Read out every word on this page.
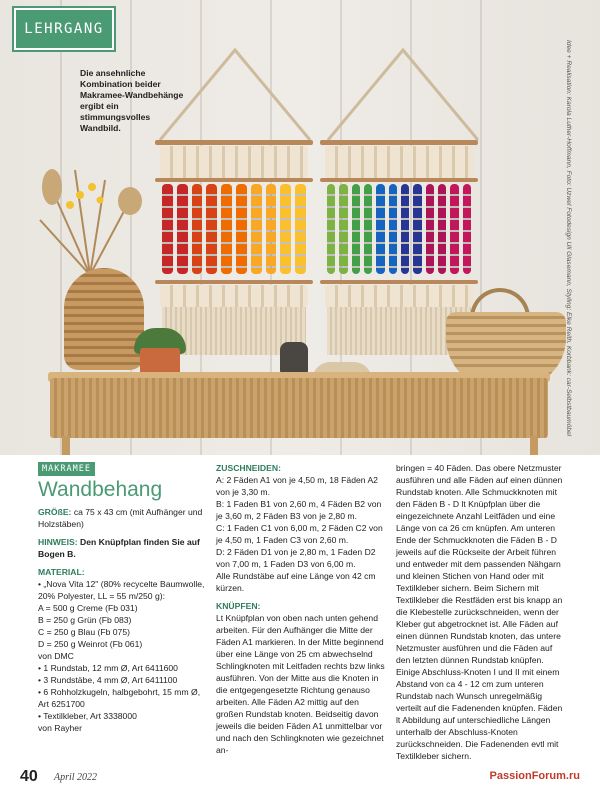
LEHRGANG
Die ansehnliche Kombination beider Makramee-Wandbehänge ergibt ein stimmungsvolles Wandbild.	Idee + Realisation: Karola Luther-Hoffmann, Foto: Uzwel Fotodesign Uli Glasemann, Styling: Elke Reith, Korbbank: car-Selbstbaumöbel
MAKRAMEE
Wandbehang
GRÖßE: ca 75 x 43 cm (mit Aufhänger und Holzstäben)
HINWEIS: Den Knüpfplan finden Sie auf Bogen B.
MATERIAL:
• „Nova Vita 12" (80% recycelte Baumwolle, 20% Polyester, LL = 55 m/250 g):
A = 500 g Creme (Fb 031)
B = 250 g Grün (Fb 083)
C = 250 g Blau (Fb 075)
D = 250 g Weinrot (Fb 061)
von DMC
• 1 Rundstab, 12 mm Ø, Art 6411600
• 3 Rundstäbe, 4 mm Ø, Art 6411100
• 6 Rohholzkugeln, halbgebohrt, 15 mm Ø, Art 6251700
• Textilkleber, Art 3338000
von Rayher
ZUSCHNEIDEN:
A: 2 Fäden A1 von je 4,50 m, 18 Fäden A2 von je 3,30 m.
B: 1 Faden B1 von 2,60 m, 4 Fäden B2 von je 3,60 m, 2 Fäden B3 von je 2,80 m.
C: 1 Faden C1 von 6,00 m, 2 Fäden C2 von je 4,50 m, 1 Faden C3 von 2,60 m.
D: 2 Fäden D1 von je 2,80 m, 1 Faden D2 von 7,00 m, 1 Faden D3 von 6,00 m.
Alle Rundstäbe auf eine Länge von 42 cm kürzen.
KNÜPFEN:
Lt Knüpfplan von oben nach unten gehend arbeiten. Für den Aufhänger die Mitte der Fäden A1 markieren. In der Mitte beginnend über eine Länge von 25 cm abwechselnd Schlingknoten mit Leitfaden rechts bzw links ausführen. Von der Mitte aus die Knoten in die entgegengesetzte Richtung genauso arbeiten. Alle Fäden A2 mittig auf den großen Rundstab knoten. Beidseitig davon jeweils die beiden Fäden A1 unmittelbar vor und nach den Schlingknoten wie gezeichnet an-
bringen = 40 Fäden. Das obere Netzmuster ausführen und alle Fäden auf einen dünnen Rundstab knoten. Alle Schmuckknoten mit den Fäden B - D lt Knüpfplan über die eingezeichnete Anzahl Leitfäden und eine Länge von ca 26 cm knüpfen. Am unteren Ende der Schmuckknoten die Fäden B - D jeweils auf die Rückseite der Arbeit führen und entweder mit dem passenden Nähgarn und kleinen Stichen von Hand oder mit Textilkleber sichern. Beim Sichern mit Textilkleber die Restfäden erst bis knapp an die Klebestelle zurückschneiden, wenn der Kleber gut abgetrocknet ist. Alle Fäden auf einen dünnen Rundstab knoten, das untere Netzmuster ausführen und die Fäden auf den letzten dünnen Rundstab knüpfen. Einige Abschluss-Knoten I und II mit einem Abstand von ca 4 - 12 cm zum unteren Rundstab nach Wunsch unregelmäßig verteilt auf die Fadenenden knüpfen. Fäden lt Abbildung auf unterschiedliche Längen unterhalb der Abschluss-Knoten zurückschneiden. Die Fadenenden evtl mit Textilkleber sichern.
40 April 2022	PassionForum.ru
